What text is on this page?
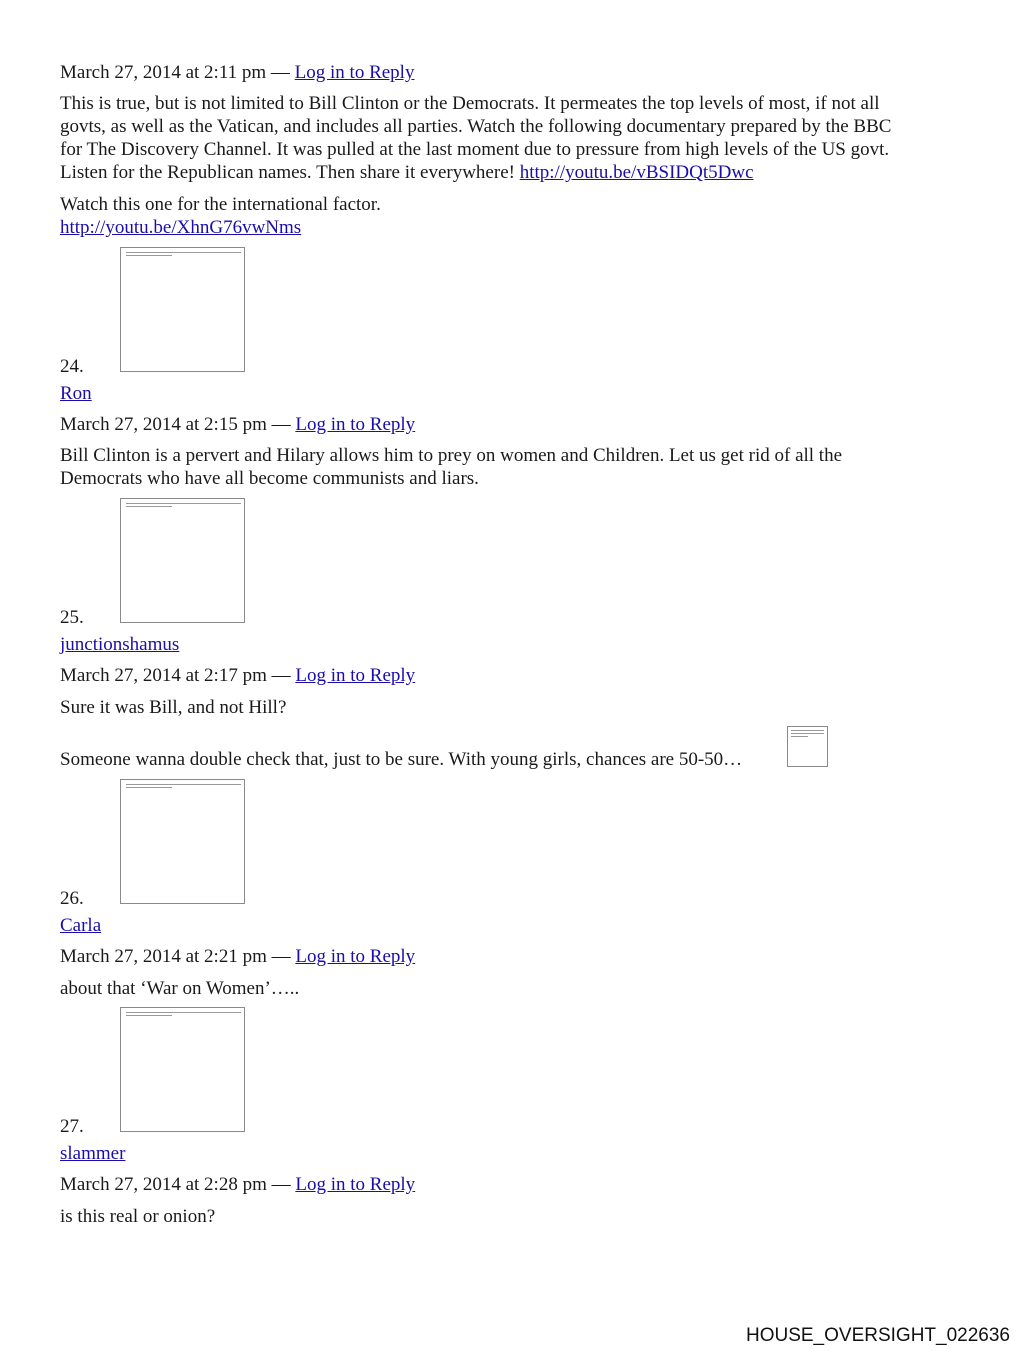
March 27, 2014 at 2:11 pm — Log in to Reply
This is true, but is not limited to Bill Clinton or the Democrats. It permeates the top levels of most, if not all
govts, as well as the Vatican, and includes all parties. Watch the following documentary prepared by the BBC
for The Discovery Channel. It was pulled at the last moment due to pressure from high levels of the US govt.
Listen for the Republican names. Then share it everywhere! http://youtu.be/vBSIDQt5Dwc
Watch this one for the international factor.
http://youtu.be/XhnG76vwNms
24.
Ron
March 27, 2014 at 2:15 pm — Log in to Reply
Bill Clinton is a pervert and Hilary allows him to prey on women and Children. Let us get rid of all the
Democrats who have all become communists and liars.
25.
junctionshamus
March 27, 2014 at 2:17 pm — Log in to Reply
Sure it was Bill, and not Hill?
Someone wanna double check that, just to be sure. With young girls, chances are 50-50…
26.
Carla
March 27, 2014 at 2:21 pm — Log in to Reply
about that ‘War on Women’…..
27.
slammer
March 27, 2014 at 2:28 pm — Log in to Reply
is this real or onion?
HOUSE_OVERSIGHT_022636
